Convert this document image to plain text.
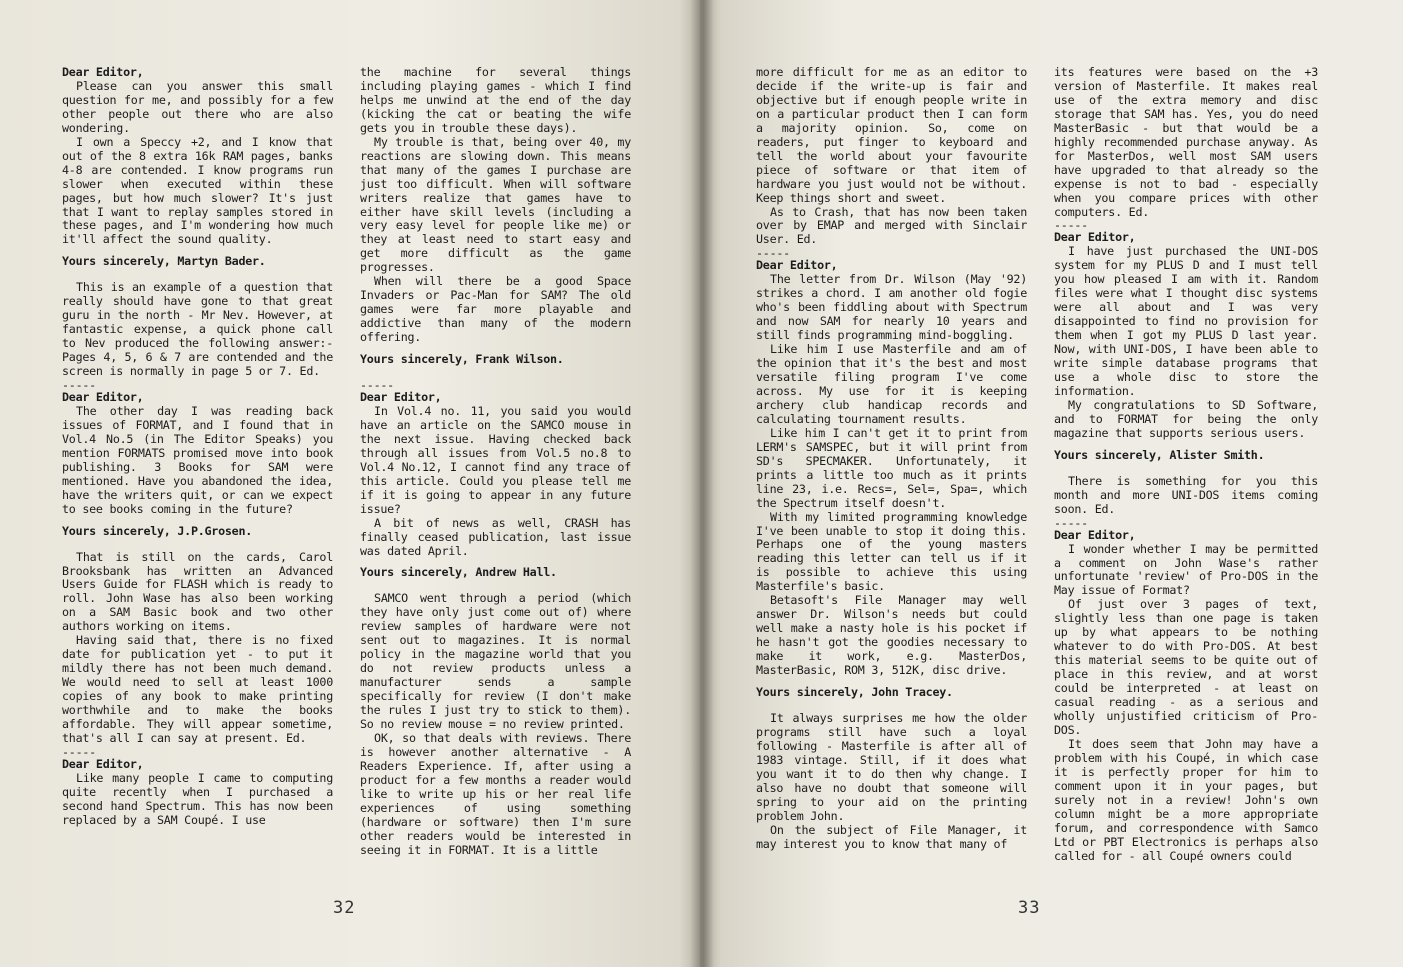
Dear Editor,

Please can you answer this small question for me, and possibly for a few other people out there who are also wondering.

I own a Speccy +2, and I know that out of the 8 extra 16k RAM pages, banks 4-8 are contended. I know programs run slower when executed within these pages, but how much slower? It's just that I want to replay samples stored in these pages, and I'm wondering how much it'll affect the sound quality.

Yours sincerely, Martyn Bader.

This is an example of a question that really should have gone to that great guru in the north - Mr Nev. However, at fantastic expense, a quick phone call to Nev produced the following answer:- Pages 4, 5, 6 & 7 are contended and the screen is normally in page 5 or 7. Ed.

-----

Dear Editor,

The other day I was reading back issues of FORMAT, and I found that in Vol.4 No.5 (in The Editor Speaks) you mention FORMATS promised move into book publishing. 3 Books for SAM were mentioned. Have you abandoned the idea, have the writers quit, or can we expect to see books coming in the future?

Yours sincerely, J.P.Grosen.

That is still on the cards, Carol Brooksbank has written an Advanced Users Guide for FLASH which is ready to roll. John Wase has also been working on a SAM Basic book and two other authors working on items.

Having said that, there is no fixed date for publication yet - to put it mildly there has not been much demand. We would need to sell at least 1000 copies of any book to make printing worthwhile and to make the books affordable. They will appear sometime, that's all I can say at present. Ed.

-----

Dear Editor,

Like many people I came to computing quite recently when I purchased a second hand Spectrum. This has now been replaced by a SAM Coupé. I use

the machine for several things including playing games - which I find helps me unwind at the end of the day (kicking the cat or beating the wife gets you in trouble these days).

My trouble is that, being over 40, my reactions are slowing down. This means that many of the games I purchase are just too difficult. When will software writers realize that games have to either have skill levels (including a very easy level for people like me) or they at least need to start easy and get more difficult as the game progresses.

When will there be a good Space Invaders or Pac-Man for SAM? The old games were far more playable and addictive than many of the modern offering.

Yours sincerely, Frank Wilson.

-----

Dear Editor,

In Vol.4 no. 11, you said you would have an article on the SAMCO mouse in the next issue. Having checked back through all issues from Vol.5 no.8 to Vol.4 No.12, I cannot find any trace of this article. Could you please tell me if it is going to appear in any future issue?

A bit of news as well, CRASH has finally ceased publication, last issue was dated April.

Yours sincerely, Andrew Hall.

SAMCO went through a period (which they have only just come out of) where review samples of hardware were not sent out to magazines. It is normal policy in the magazine world that you do not review products unless a manufacturer sends a sample specifically for review (I don't make the rules I just try to stick to them). So no review mouse = no review printed.

OK, so that deals with reviews. There is however another alternative - A Readers Experience. If, after using a product for a few months a reader would like to write up his or her real life experiences of using something (hardware or software) then I'm sure other readers would be interested in seeing it in FORMAT. It is a little

32

more difficult for me as an editor to decide if the write-up is fair and objective but if enough people write in on a particular product then I can form a majority opinion. So, come on readers, put finger to keyboard and tell the world about your favourite piece of software or that item of hardware you just would not be without. Keep things short and sweet.

As to Crash, that has now been taken over by EMAP and merged with Sinclair User. Ed.

-----

Dear Editor,

The letter from Dr. Wilson (May '92) strikes a chord. I am another old fogie who's been fiddling about with Spectrum and now SAM for nearly 10 years and still finds programming mind-boggling.

Like him I use Masterfile and am of the opinion that it's the best and most versatile filing program I've come across. My use for it is keeping archery club handicap records and calculating tournament results.

Like him I can't get it to print from LERM's SAMSPEC, but it will print from SD's SPECMAKER. Unfortunately, it prints a little too much as it prints line 23, i.e. Recs=, Sel=, Spa=, which the Spectrum itself doesn't.

With my limited programming knowledge I've been unable to stop it doing this. Perhaps one of the young masters reading this letter can tell us if it is possible to achieve this using Masterfile's basic.

Betasoft's File Manager may well answer Dr. Wilson's needs but could well make a nasty hole is his pocket if he hasn't got the goodies necessary to make it work, e.g. MasterDos, MasterBasic, ROM 3, 512K, disc drive.

Yours sincerely, John Tracey.

It always surprises me how the older programs still have such a loyal following - Masterfile is after all of 1983 vintage. Still, if it does what you want it to do then why change. I also have no doubt that someone will spring to your aid on the printing problem John.

On the subject of File Manager, it may interest you to know that many of

its features were based on the +3 version of Masterfile. It makes real use of the extra memory and disc storage that SAM has. Yes, you do need MasterBasic - but that would be a highly recommended purchase anyway. As for MasterDos, well most SAM users have upgraded to that already so the expense is not to bad - especially when you compare prices with other computers. Ed.

-----

Dear Editor,

I have just purchased the UNI-DOS system for my PLUS D and I must tell you how pleased I am with it. Random files were what I thought disc systems were all about and I was very disappointed to find no provision for them when I got my PLUS D last year. Now, with UNI-DOS, I have been able to write simple database programs that use a whole disc to store the information.

My congratulations to SD Software, and to FORMAT for being the only magazine that supports serious users.

Yours sincerely, Alister Smith.

There is something for you this month and more UNI-DOS items coming soon. Ed.

-----

Dear Editor,

I wonder whether I may be permitted a comment on John Wase's rather unfortunate 'review' of Pro-DOS in the May issue of Format?

Of just over 3 pages of text, slightly less than one page is taken up by what appears to be nothing whatever to do with Pro-DOS. At best this material seems to be quite out of place in this review, and at worst could be interpreted - at least on casual reading - as a serious and wholly unjustified criticism of Pro-DOS.

It does seem that John may have a problem with his Coupé, in which case it is perfectly proper for him to comment upon it in your pages, but surely not in a review! John's own column might be a more appropriate forum, and correspondence with Samco Ltd or PBT Electronics is perhaps also called for - all Coupé owners could

33
